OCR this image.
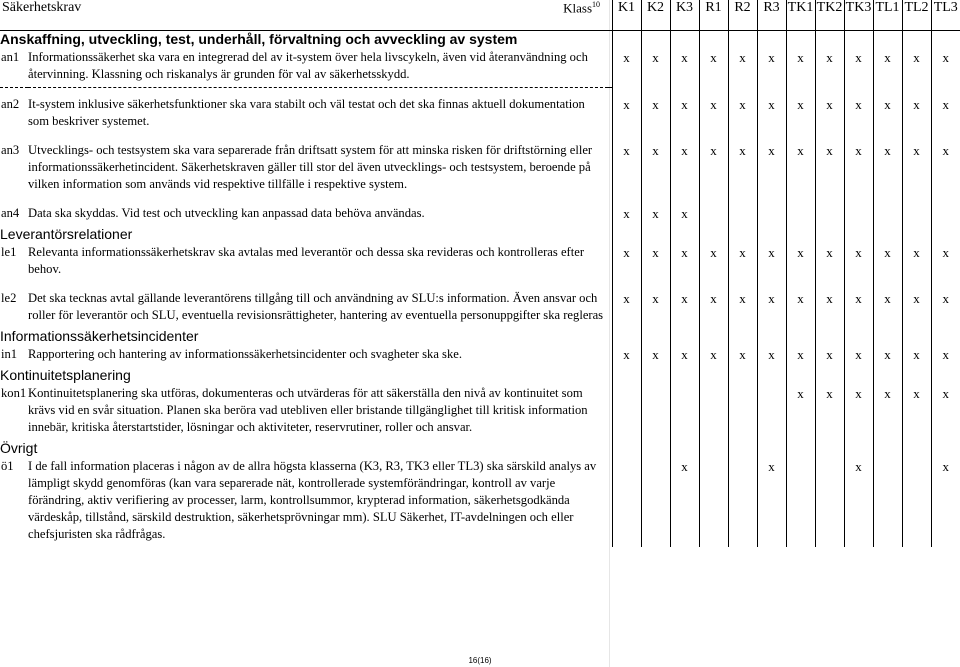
Säkerhetskrav	Klass$^{10}$		K1	K2	K3	R1	R2	R3	TK1	TK2	TK3	TL1	TL2	TL3
Anskaffning, utveckling, test, underhåll, förvaltning och avveckling av system														
an1	Informationssäkerhet ska vara en integrerad del av it-system över hela livscykeln, även vid återanvändning och återvinning. Klassning och riskanalys är grunden för val av säkerhetsskydd.		x	x	x	x	x	x	x	x	x	x	x	x
an2	It-system inklusive säkerhetsfunktioner ska vara stabilt och väl testat och det ska finnas aktuell dokumentation som beskriver systemet.		x	x	x	x	x	x	x	x	x	x	x	x
an3	Utvecklings- och testsystem ska vara separerade från driftsatt system för att minska risken för driftstörning eller informationssäkerhetincident. Säkerhetskraven gäller till stor del även utvecklings- och testsystem, beroende på vilken information som används vid respektive tillfälle i respektive system.		x	x	x	x	x	x	x	x	x	x	x	x
an4	Data ska skyddas. Vid test och utveckling kan anpassad data behöva användas.		x	x	x									
Leverantörsrelationer														
le1	Relevanta informationssäkerhetskrav ska avtalas med leverantör och dessa ska revideras och kontrolleras efter behov.		x	x	x	x	x	x	x	x	x	x	x	x
le2	Det ska tecknas avtal gällande leverantörens tillgång till och användning av SLU:s information. Även ansvar och roller för leverantör och SLU, eventuella revisionsrättigheter, hantering av eventuella personuppgifter ska regleras		x	x	x	x	x	x	x	x	x	x	x	x
Informationssäkerhetsincidenter														
in1	Rapportering och hantering av informationssäkerhetsincidenter och svagheter ska ske.		x	x	x	x	x	x	x	x	x	x	x	x
Kontinuitetsplanering														
kon1	Kontinuitetsplanering ska utföras, dokumenteras och utvärderas för att säkerställa den nivå av kontinuitet som krävs vid en svår situation. Planen ska beröra vad utebliven eller bristande tillgänglighet till kritisk information innebär, kritiska återstartstider, lösningar och aktiviteter, reservrutiner, roller och ansvar.								x	x	x	x	x	x
Övrigt														
ö1	I de fall information placeras i någon av de allra högsta klasserna (K3, R3, TK3 eller TL3) ska särskild analys av lämpligt skydd genomföras (kan vara separerade nät, kontrollerade systemförändringar, kontroll av varje förändring, aktiv verifiering av processer, larm, kontrollsummor, krypterad information, säkerhetsgodkända värdeskåp, tillstånd, särskild destruktion, säkerhetsprövningar mm). SLU Säkerhet, IT-avdelningen och eller chefsjuristen ska rådfrågas.				x			x			x			x
16(16)
